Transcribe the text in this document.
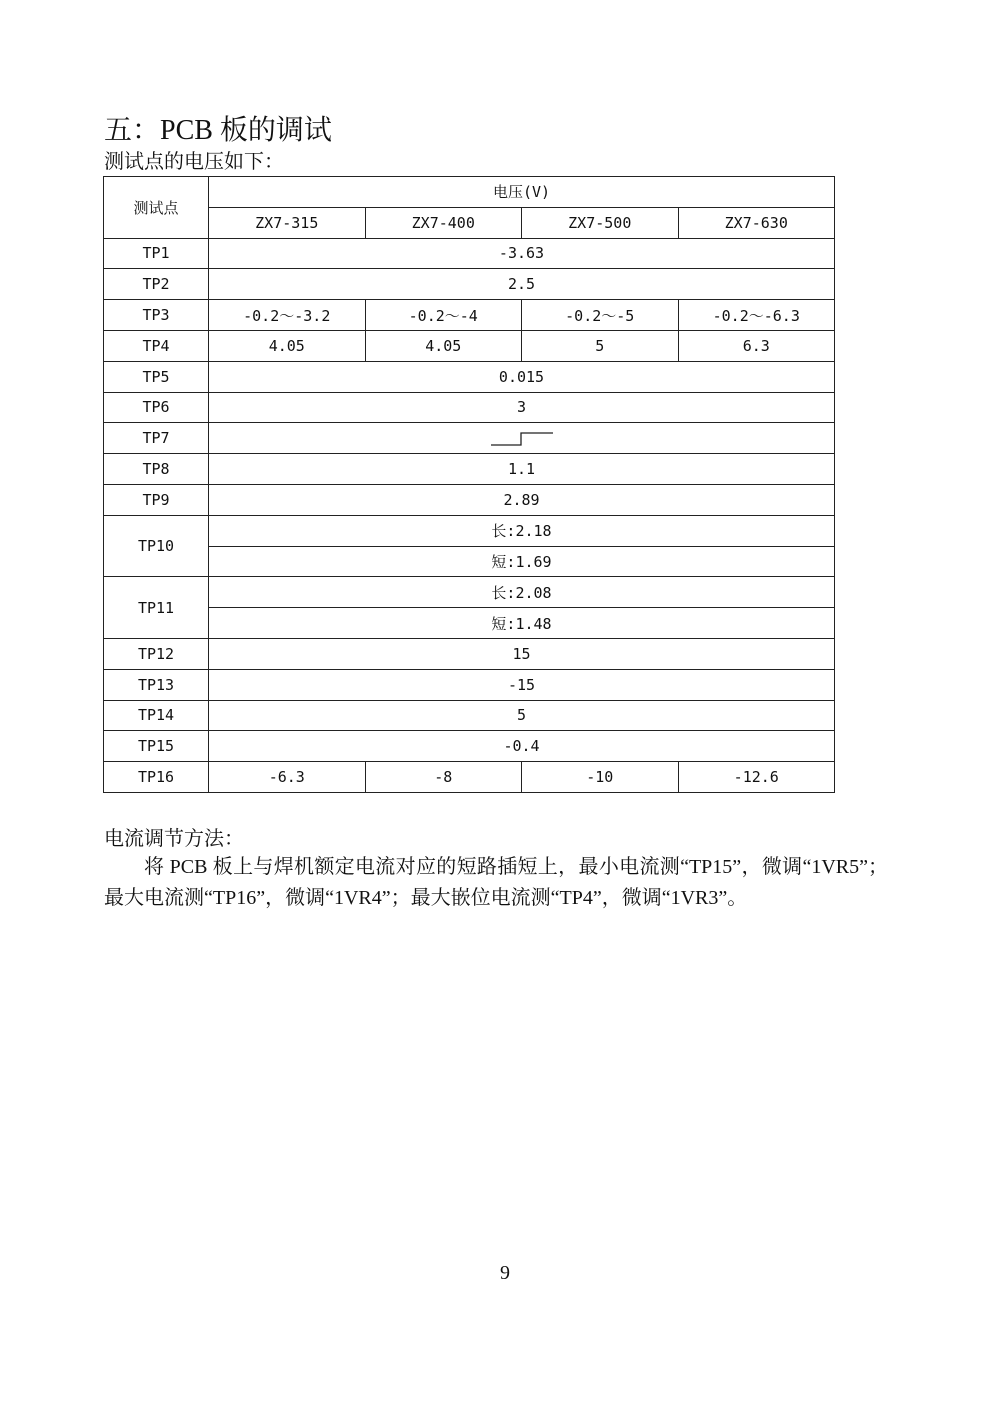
五：PCB 板的调试
测试点的电压如下：
测试点	电压(V)			
	ZX7-315	ZX7-400	ZX7-500	ZX7-630
TP1	-3.63			
TP2	2.5			
TP3	-0.2～-3.2	-0.2～-4	-0.2～-5	-0.2～-6.3
TP4	4.05	4.05	5	6.3
TP5	0.015			
TP6	3			
TP7	
TP8	1.1			
TP9	2.89			
TP10	长:2.18			
	短:1.69			
TP11	长:2.08			
	短:1.48			
TP12	15			
TP13	-15			
TP14	5			
TP15	-0.4			
TP16	-6.3	-8	-10	-12.6
电流调节方法：
将 PCB 板上与焊机额定电流对应的短路插短上，最小电流测“TP15”，微调“1VR5”；最大电流测“TP16”，微调“1VR4”；最大嵌位电流测“TP4”，微调“1VR3”。
9
